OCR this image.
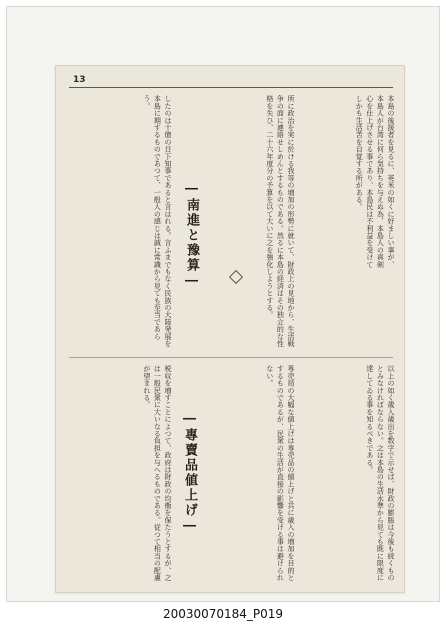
13
本島の後援者を見るに、英米の如くに好ましい事が、本島人が台湾に何ら気持ちを与えぬ為、本島人の真剣心を仕上げさせる事であり、本島民は不利益を受けてしかも生活苦を自覚する所がある。
所に政治を実に於ける我等の増加の形勢に就いて、財政上の見地から、生活戦争の面に連絡せしめんとするものである。然るに本島の経済はその独立的な性格を失ひ、二十六年度分の予算を以て大いに之を強化しようとする。
―南進と豫算―
したのは十億の日下知事であると言はれる。言ふまでもなく民族の大陸発展を本島に期するものであつて、一般人の感じは誠に常識から見ても至当であらう。
以上の如く歳入歳出を数字で示せば、財政の膨脹は今後も続くものとみなければならない。之は本島の生活水準から見ても既に限度に達してゐる事を知るべきである。
専売局の大幅な値上げは専売品の値上げと共に歳入の増加を目的とするものであるが、民衆の生活が直接の影響を受ける事は避けられない。
―專賣品値上げ―
税収を増すことによつて、政府は財政の均衡を保たうとするが、之は一般民衆に大いなる負担を与へるものである。従つて相当の配慮が望まれる。
20030070184_P019
